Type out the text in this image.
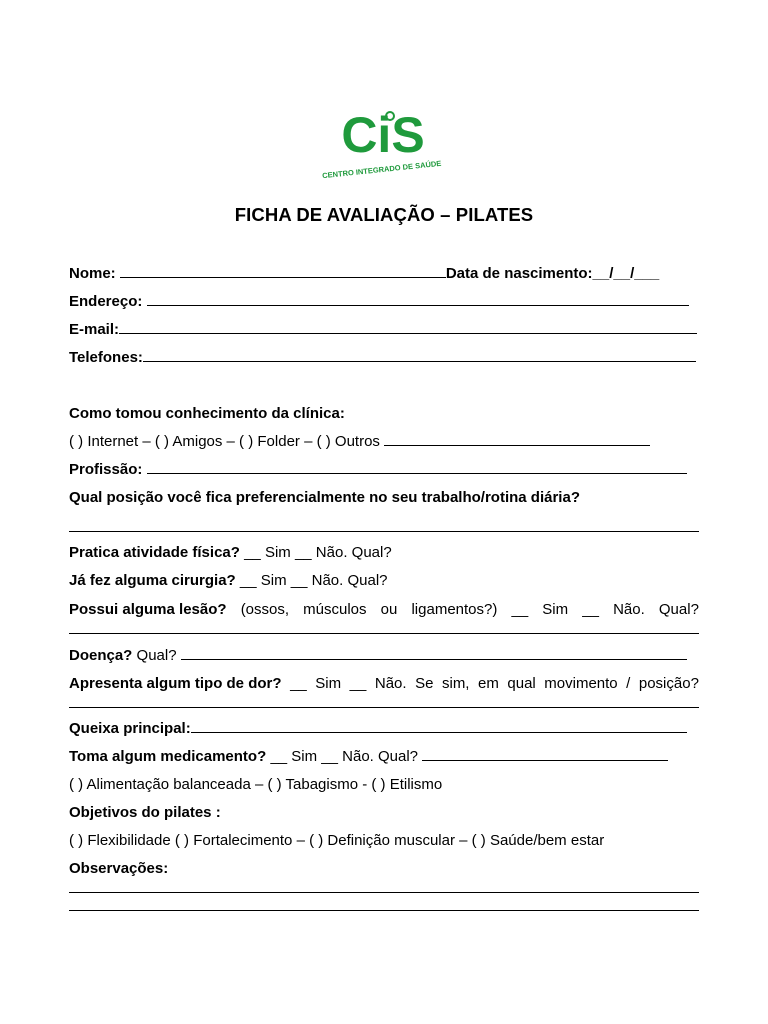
CiS
CENTRO INTEGRADO DE SAÚDE
FICHA DE AVALIAÇÃO – PILATES
Nome:	Data de nascimento:__/__/___
Endereço:
E-mail:
Telefones:
Como tomou conhecimento da clínica:
( ) Internet – ( ) Amigos – ( ) Folder – ( ) Outros
Profissão:
Qual posição você fica preferencialmente no seu trabalho/rotina diária?
Pratica atividade física? __ Sim __ Não. Qual?
Já fez alguma cirurgia? __ Sim __ Não. Qual?
Possui alguma lesão? (ossos, músculos ou ligamentos?) __ Sim __ Não. Qual?
Doença? Qual?
Apresenta algum tipo de dor? __ Sim __ Não. Se sim, em qual movimento / posição?
Queixa principal:
Toma algum medicamento? __ Sim __ Não. Qual?
( ) Alimentação balanceada – ( ) Tabagismo - ( ) Etilismo
Objetivos do pilates :
( ) Flexibilidade ( ) Fortalecimento – ( ) Definição muscular – ( ) Saúde/bem estar
Observações:
